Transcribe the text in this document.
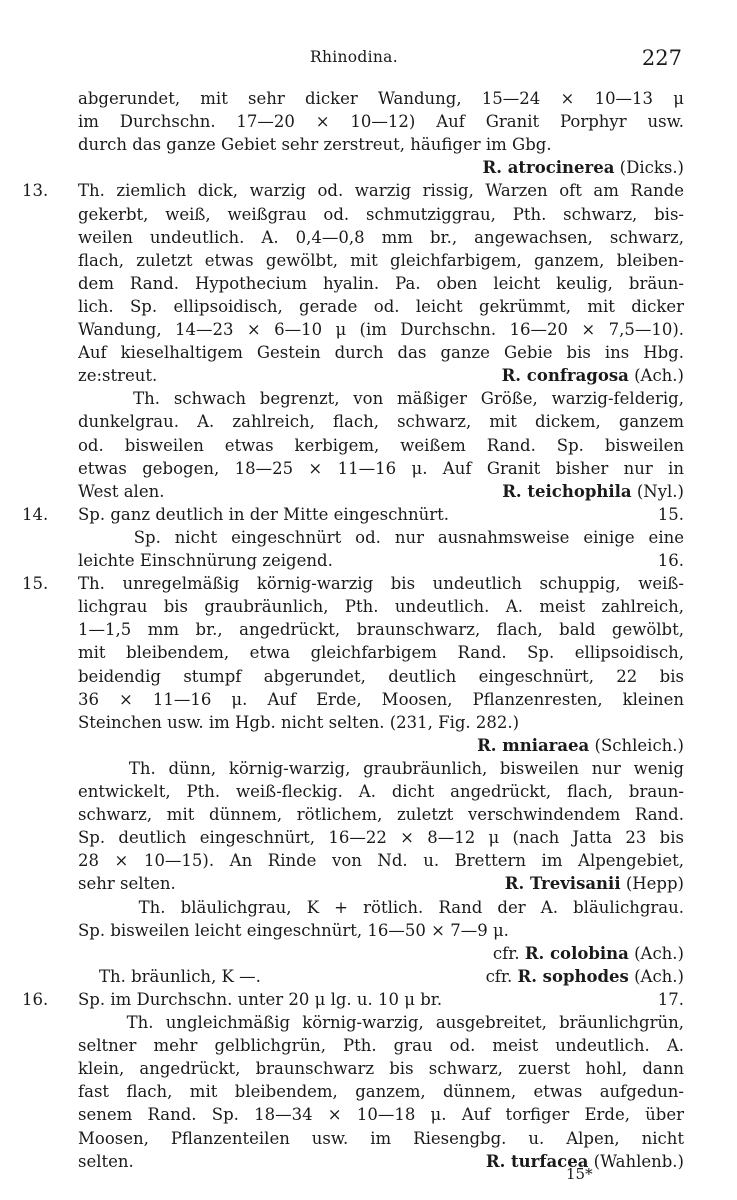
Rhinodina.	227
abgerundet, mit sehr dicker Wandung, 15—24 × 10—13 μ
im Durchschn. 17—20 × 10—12) Auf Granit Porphyr usw.
durch das ganze Gebiet sehr zerstreut, häufiger im Gbg.
R. atrocinerea (Dicks.)
13.	Th. ziemlich dick, warzig od. warzig rissig, Warzen oft am Rande
gekerbt, weiß, weißgrau od. schmutziggrau, Pth. schwarz, bis-
weilen undeutlich. A. 0,4—0,8 mm br., angewachsen, schwarz,
flach, zuletzt etwas gewölbt, mit gleichfarbigem, ganzem, bleiben-
dem Rand. Hypothecium hyalin. Pa. oben leicht keulig, bräun-
lich. Sp. ellipsoidisch, gerade od. leicht gekrümmt, mit dicker
Wandung, 14—23 × 6—10 μ (im Durchschn. 16—20 × 7,5—10).
Auf kieselhaltigem Gestein durch das ganze Gebie bis ins Hbg.
ze:streut.	R. confragosa (Ach.)
Th. schwach begrenzt, von mäßiger Größe, warzig-felderig,
dunkelgrau. A. zahlreich, flach, schwarz, mit dickem, ganzem
od. bisweilen etwas kerbigem, weißem Rand. Sp. bisweilen
etwas gebogen, 18—25 × 11—16 μ. Auf Granit bisher nur in
West alen.	R. teichophila (Nyl.)
14.	Sp. ganz deutlich in der Mitte eingeschnürt.	15.
Sp. nicht eingeschnürt od. nur ausnahmsweise einige eine
leichte Einschnürung zeigend.	16.
15.	Th. unregelmäßig körnig-warzig bis undeutlich schuppig, weiß-
lichgrau bis graubräunlich, Pth. undeutlich. A. meist zahlreich,
1—1,5 mm br., angedrückt, braunschwarz, flach, bald gewölbt,
mit bleibendem, etwa gleichfarbigem Rand. Sp. ellipsoidisch,
beidendig stumpf abgerundet, deutlich eingeschnürt, 22 bis
36 × 11—16 μ. Auf Erde, Moosen, Pflanzenresten, kleinen
Steinchen usw. im Hgb. nicht selten. (231, Fig. 282.)
R. mniaraea (Schleich.)
Th. dünn, körnig-warzig, graubräunlich, bisweilen nur wenig
entwickelt, Pth. weiß-fleckig. A. dicht angedrückt, flach, braun-
schwarz, mit dünnem, rötlichem, zuletzt verschwindendem Rand.
Sp. deutlich eingeschnürt, 16—22 × 8—12 μ (nach Jatta 23 bis
28 × 10—15). An Rinde von Nd. u. Brettern im Alpengebiet,
sehr selten.	R. Trevisanii (Hepp)
Th. bläulichgrau, K + rötlich. Rand der A. bläulichgrau.
Sp. bisweilen leicht eingeschnürt, 16—50 × 7—9 μ.
cfr. R. colobina (Ach.)
Th. bräunlich, K —.	cfr. R. sophodes (Ach.)
16.	Sp. im Durchschn. unter 20 μ lg. u. 10 μ br.	17.
Th. ungleichmäßig körnig-warzig, ausgebreitet, bräunlichgrün,
seltner mehr gelblichgrün, Pth. grau od. meist undeutlich. A.
klein, angedrückt, braunschwarz bis schwarz, zuerst hohl, dann
fast flach, mit bleibendem, ganzem, dünnem, etwas aufgedun-
senem Rand. Sp. 18—34 × 10—18 μ. Auf torfiger Erde, über
Moosen, Pflanzenteilen usw. im Riesengbg. u. Alpen, nicht
selten.	R. turfacea (Wahlenb.)
15*
